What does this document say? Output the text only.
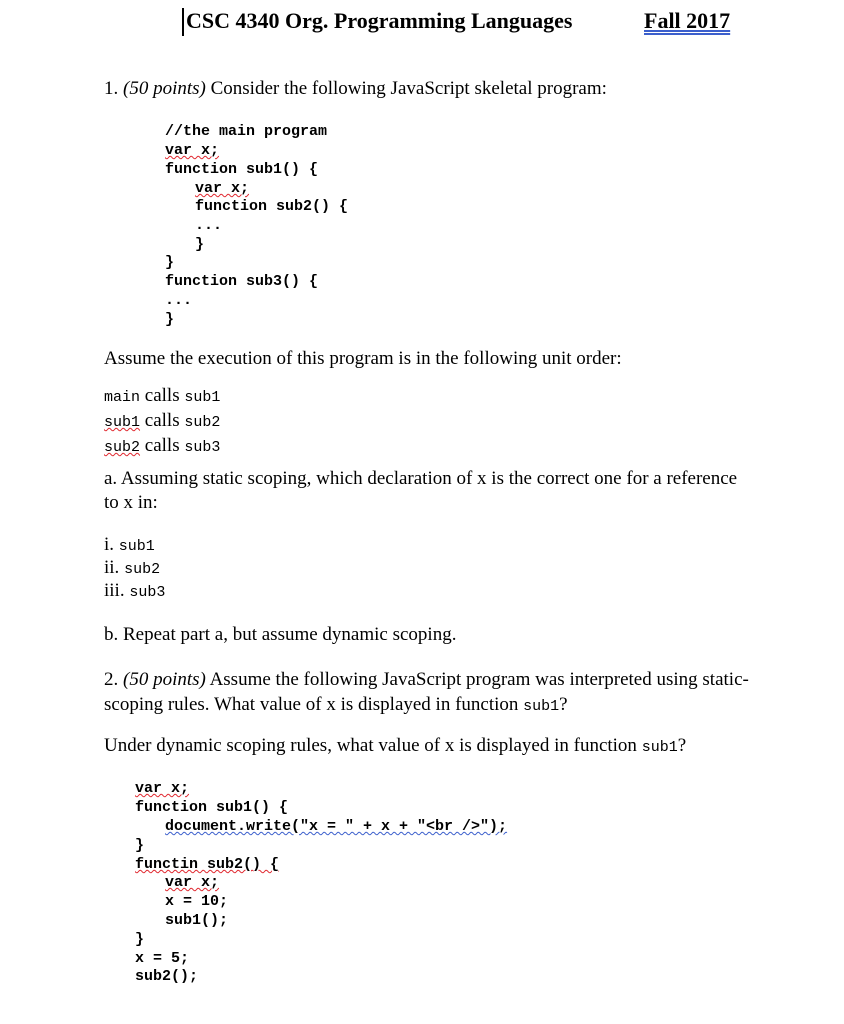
CSC 4340 Org. Programming Languages	Fall 2017
1. (50 points) Consider the following JavaScript skeletal program:
//the main program
var x;
function sub1() {
var x;
function sub2() {
...
}
}
function sub3() {
...
}
Assume the execution of this program is in the following unit order:
main calls sub1
sub1 calls sub2
sub2 calls sub3
a. Assuming static scoping, which declaration of x is the correct one for a reference
to x in:
i. sub1
ii. sub2
iii. sub3
b. Repeat part a, but assume dynamic scoping.
2. (50 points) Assume the following JavaScript program was interpreted using static-
scoping rules. What value of x is displayed in function sub1?
Under dynamic scoping rules, what value of x is displayed in function sub1?
var x;
function sub1() {
document.write("x = " + x + "<br />");
}
functin sub2() {
var x;
x = 10;
sub1();
}
x = 5;
sub2();
